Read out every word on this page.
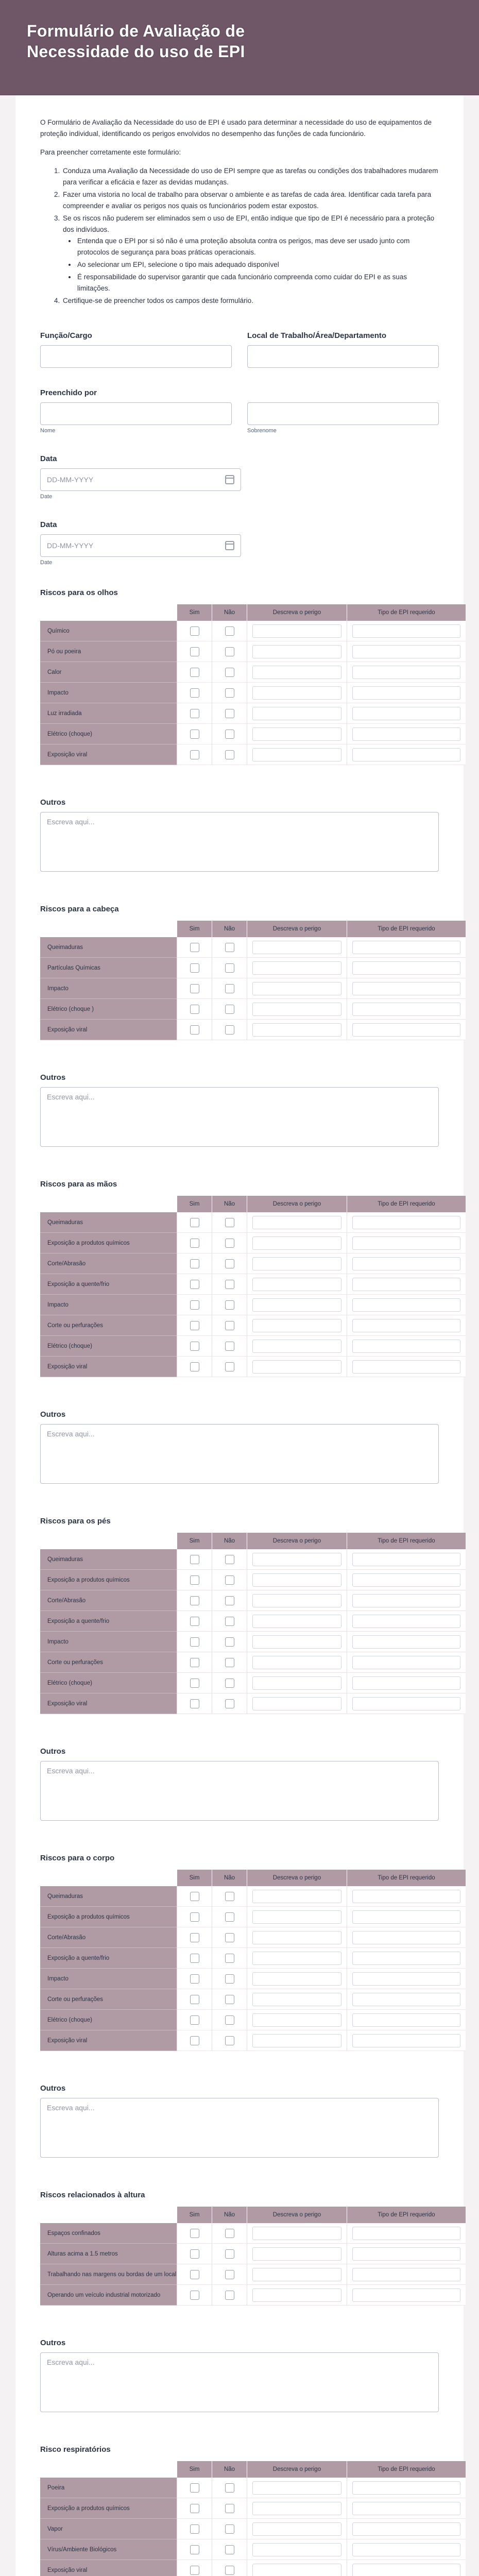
Formulário de Avaliação de Necessidade do uso de EPI

O Formulário de Avaliação da Necessidade do uso de EPI é usado para determinar a necessidade do uso de equipamentos de proteção individual, identificando os perigos envolvidos no desempenho das funções de cada funcionário.

Para preencher corretamente este formulário:

1. Conduza uma Avaliação da Necessidade do uso de EPI sempre que as tarefas ou condições dos trabalhadores mudarem para verificar a eficácia e fazer as devidas mudanças.
2. Fazer uma vistoria no local de trabalho para observar o ambiente e as tarefas de cada área. Identificar cada tarefa para compreender e avaliar os perigos nos quais os funcionários podem estar expostos.
3. Se os riscos não puderem ser eliminados sem o uso de EPI, então indique que tipo de EPI é necessário para a proteção dos indivíduos.
• Entenda que o EPI por si só não é uma proteção absoluta contra os perigos, mas deve ser usado junto com protocolos de segurança para boas práticas operacionais.
• Ao selecionar um EPI, selecione o tipo mais adequado disponível
• É responsabilidade do supervisor garantir que cada funcionário compreenda como cuidar do EPI e as suas limitações.
4. Certifique-se de preencher todos os campos deste formulário.
Função/Cargo	Local de Trabalho/Área/Departamento
Preenchido por
Nome	Sobrenome
Data
DD-MM-YYYY
Date
Data
DD-MM-YYYY
Date
Riscos para os olhos
	Sim	Não	Descreva o perigo	Tipo de EPI requerido
Químico			

Pó ou poeira			

Calor			

Impacto			

Luz irradiada			

Elétrico (choque)			

Exposição viral			

Outros
Escreva aqui...
Riscos para a cabeça
	Sim	Não	Descreva o perigo	Tipo de EPI requerido
Queimaduras			

Partículas Químicas			

Impacto			

Elétrico (choque )			

Exposição viral			

Outros
Escreva aqui...
Riscos para as mãos
	Sim	Não	Descreva o perigo	Tipo de EPI requerido
Queimaduras			

Exposição a produtos químicos			

Corte/Abrasão			

Exposição a quente/frio			

Impacto			

Corte ou perfurações			

Elétrico (choque)			

Exposição viral			

Outros
Escreva aqui...
Riscos para os pés
	Sim	Não	Descreva o perigo	Tipo de EPI requerido
Queimaduras			

Exposição a produtos químicos			

Corte/Abrasão			

Exposição a quente/frio			

Impacto			

Corte ou perfurações			

Elétrico (choque)			

Exposição viral			

Outros
Escreva aqui...
Riscos para o corpo
	Sim	Não	Descreva o perigo	Tipo de EPI requerido
Queimaduras			

Exposição a produtos químicos			

Corte/Abrasão			

Exposição a quente/frio			

Impacto			

Corte ou perfurações			

Elétrico (choque)			

Exposição viral			

Outros
Escreva aqui...
Riscos relacionados à altura
	Sim	Não	Descreva o perigo	Tipo de EPI requerido
Espaços confinados			

Alturas acima a 1.5 metros			

Trabalhando nas margens ou bordas de um local			

Operando um veículo industrial motorizado			

Outros
Escreva aqui...
Risco respiratórios
	Sim	Não	Descreva o perigo	Tipo de EPI requerido
Poeira			

Exposição a produtos químicos			

Vapor			

Vírus/Ambiente Biológicos			

Exposição viral			
